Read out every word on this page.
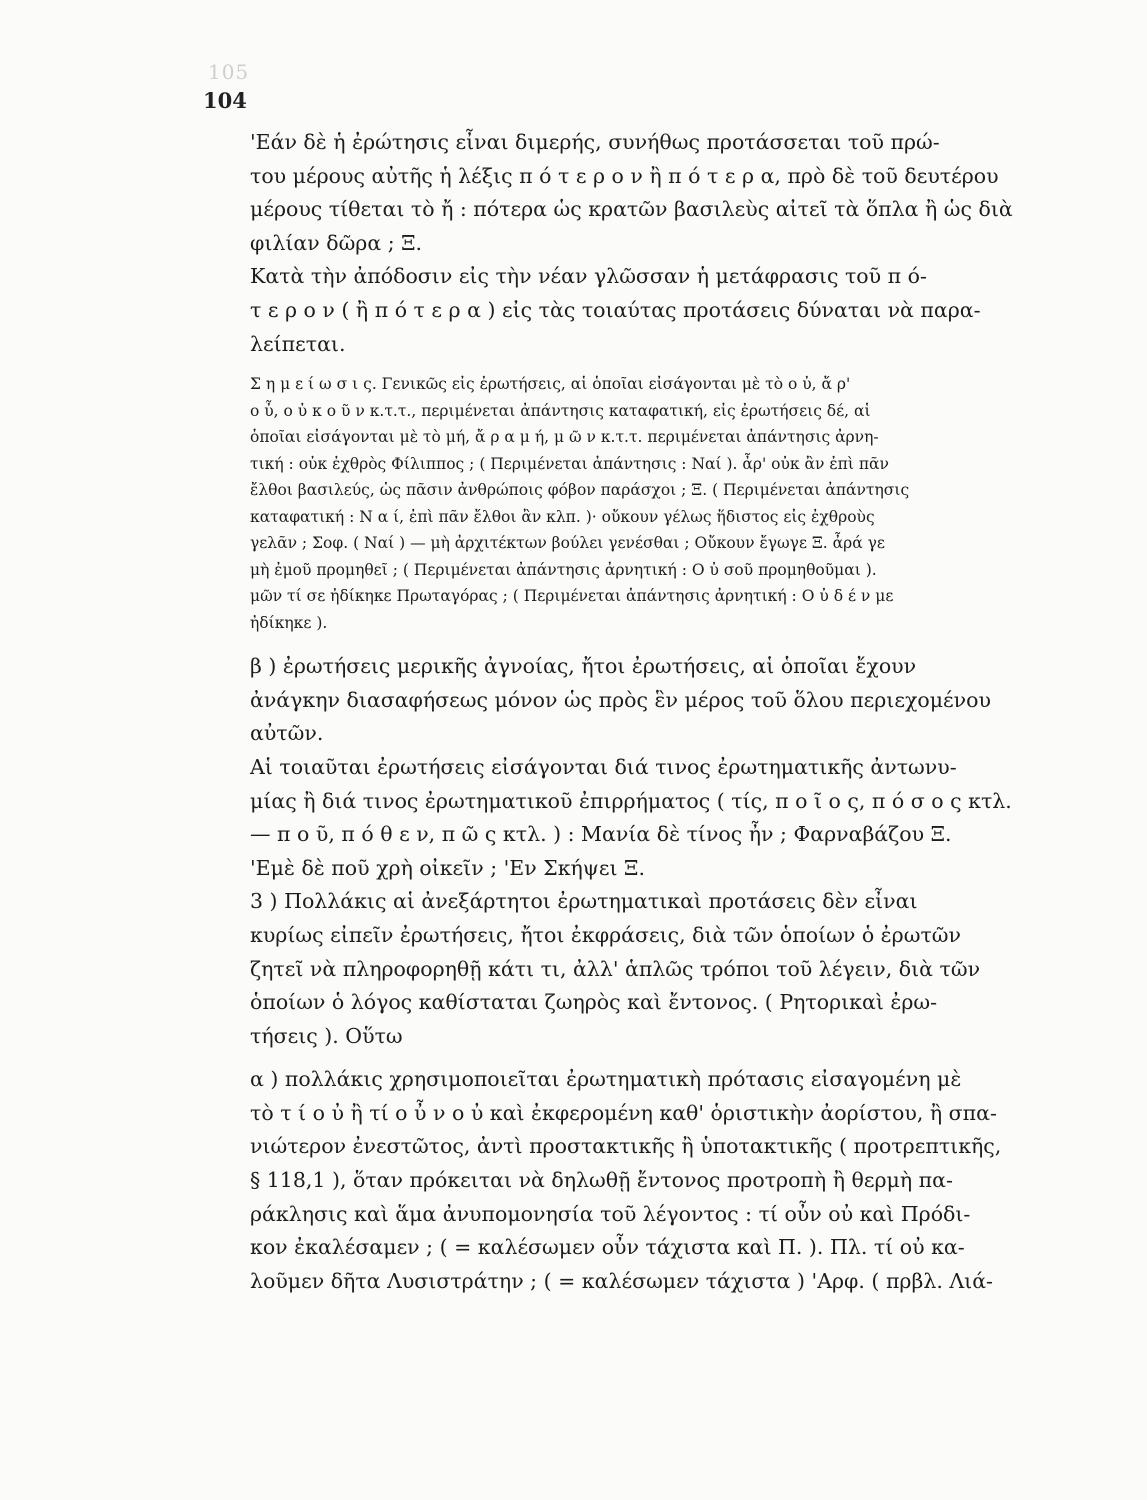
105
104
'Εάν δὲ ἡ ἐρώτησις εἶναι διμερής, συνήθως προτάσσεται τοῦ πρώ-
του μέρους αὐτῆς ἡ λέξις π ό τ ε ρ ο ν ἢ π ό τ ε ρ α, πρὸ δὲ τοῦ δευτέρου
μέρους τίθεται τὸ ἤ : πότερα ὡς κρατῶν βασιλεὺς αἰτεῖ τὰ ὅπλα ἢ ὡς διὰ
φιλίαν δῶρα ; Ξ.
Κατὰ τὴν ἀπόδοσιν εἰς τὴν νέαν γλῶσσαν ἡ μετάφρασις τοῦ π ό-
τ ε ρ ο ν ( ἢ π ό τ ε ρ α ) εἰς τὰς τοιαύτας προτάσεις δύναται νὰ παρα-
λείπεται.
Σ η μ ε ί ω σ ι ς. Γενικῶς εἰς ἐρωτήσεις, αἱ ὁποῖαι εἰσάγονται μὲ τὸ ο ὐ, ἄ ρ'
ο ὖ, ο ὐ κ ο ῦ ν κ.τ.τ., περιμένεται ἀπάντησις καταφατική, εἰς ἐρωτήσεις δέ, αἱ
ὁποῖαι εἰσάγονται μὲ τὸ μή, ἄ ρ α μ ή, μ ῶ ν κ.τ.τ. περιμένεται ἀπάντησις ἀρνη-
τική : οὐκ ἐχθρὸς Φίλιππος ; ( Περιμένεται ἀπάντησις : Ναί ). ἆρ' οὐκ ἂν ἐπὶ πᾶν
ἔλθοι βασιλεύς, ὡς πᾶσιν ἀνθρώποις φόβον παράσχοι ; Ξ. ( Περιμένεται ἀπάντησις
καταφατική : Ν α ί, ἐπὶ πᾶν ἔλθοι ἂν κλπ. )· οὔκουν γέλως ἥδιστος εἰς ἐχθροὺς
γελᾶν ; Σοφ. ( Ναί ) — μὴ ἀρχιτέκτων βούλει γενέσθαι ; Οὔκουν ἔγωγε Ξ. ἆρά γε
μὴ ἐμοῦ προμηθεῖ ; ( Περιμένεται ἀπάντησις ἀρνητική : Ο ὐ σοῦ προμηθοῦμαι ).
μῶν τί σε ἠδίκηκε Πρωταγόρας ; ( Περιμένεται ἀπάντησις ἀρνητική : Ο ὐ δ έ ν με
ἠδίκηκε ).
β ) ἐρωτήσεις μερικῆς ἀγνοίας, ἤτοι ἐρωτήσεις, αἱ ὁποῖαι ἔχουν
ἀνάγκην διασαφήσεως μόνον ὡς πρὸς ἓν μέρος τοῦ ὅλου περιεχομένου
αὐτῶν.
Αἱ τοιαῦται ἐρωτήσεις εἰσάγονται διά τινος ἐρωτηματικῆς ἀντωνυ-
μίας ἢ διά τινος ἐρωτηματικοῦ ἐπιρρήματος ( τίς, π ο ῖ ο ς, π ό σ ο ς κτλ.
— π ο ῦ, π ό θ ε ν, π ῶ ς κτλ. ) : Μανία δὲ τίνος ἦν ; Φαρναβάζου Ξ.
'Εμὲ δὲ ποῦ χρὴ οἰκεῖν ; 'Εν Σκήψει Ξ.
3 ) Πολλάκις αἱ ἀνεξάρτητοι ἐρωτηματικαὶ προτάσεις δὲν εἶναι
κυρίως εἰπεῖν ἐρωτήσεις, ἤτοι ἐκφράσεις, διὰ τῶν ὁποίων ὁ ἐρωτῶν
ζητεῖ νὰ πληροφορηθῇ κάτι τι, ἀλλ' ἁπλῶς τρόποι τοῦ λέγειν, διὰ τῶν
ὁποίων ὁ λόγος καθίσταται ζωηρὸς καὶ ἔντονος. ( Ρητορικαὶ ἐρω-
τήσεις ). Οὕτω
α ) πολλάκις χρησιμοποιεῖται ἐρωτηματικὴ πρότασις εἰσαγομένη μὲ
τὸ τ ί ο ὐ ἢ τί ο ὖ ν ο ὐ καὶ ἐκφερομένη καθ' ὁριστικὴν ἀορίστου, ἢ σπα-
νιώτερον ἐνεστῶτος, ἀντὶ προστακτικῆς ἢ ὑποτακτικῆς ( προτρεπτικῆς,
§ 118,1 ), ὅταν πρόκειται νὰ δηλωθῇ ἔντονος προτροπὴ ἢ θερμὴ πα-
ράκλησις καὶ ἅμα ἀνυπομονησία τοῦ λέγοντος : τί οὖν οὐ καὶ Πρόδι-
κον ἐκαλέσαμεν ; ( = καλέσωμεν οὖν τάχιστα καὶ Π. ). Πλ. τί οὐ κα-
λοῦμεν δῆτα Λυσιστράτην ; ( = καλέσωμεν τάχιστα ) 'Αρφ. ( πρβλ. Λιά-
